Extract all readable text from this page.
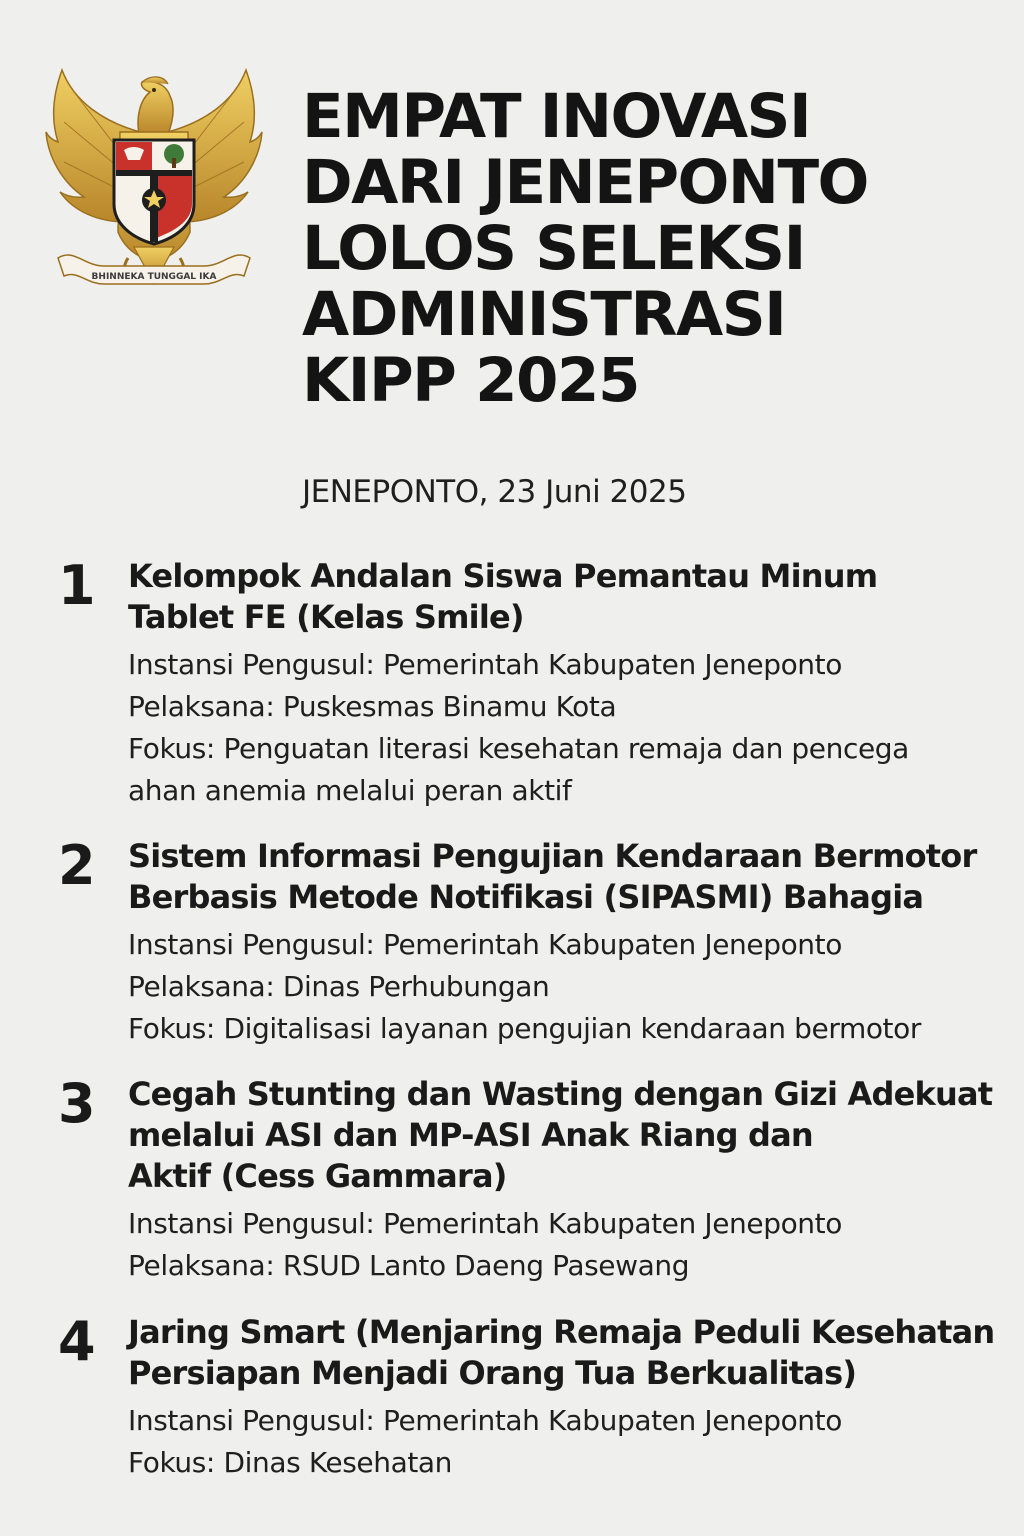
BHINNEKA TUNGGAL IKA
EMPAT INOVASI
DARI JENEPONTO
LOLOS SELEKSI
ADMINISTRASI
KIPP 2025
JENEPONTO, 23 Juni 2025
1 Kelompok Andalan Siswa Pemantau Minum
Tablet FE (Kelas Smile)
Instansi Pengusul: Pemerintah Kabupaten Jeneponto
Pelaksana: Puskesmas Binamu Kota
Fokus: Penguatan literasi kesehatan remaja dan pencega
ahan anemia melalui peran aktif
2 Sistem Informasi Pengujian Kendaraan Bermotor
Berbasis Metode Notifikasi (SIPASMI) Bahagia
Instansi Pengusul: Pemerintah Kabupaten Jeneponto
Pelaksana: Dinas Perhubungan
Fokus: Digitalisasi layanan pengujian kendaraan bermotor
3 Cegah Stunting dan Wasting dengan Gizi Adekuat
melalui ASI dan MP-ASI Anak Riang dan
Aktif (Cess Gammara)
Instansi Pengusul: Pemerintah Kabupaten Jeneponto
Pelaksana: RSUD Lanto Daeng Pasewang
4 Jaring Smart (Menjaring Remaja Peduli Kesehatan
Persiapan Menjadi Orang Tua Berkualitas)
Instansi Pengusul: Pemerintah Kabupaten Jeneponto
Fokus: Dinas Kesehatan
